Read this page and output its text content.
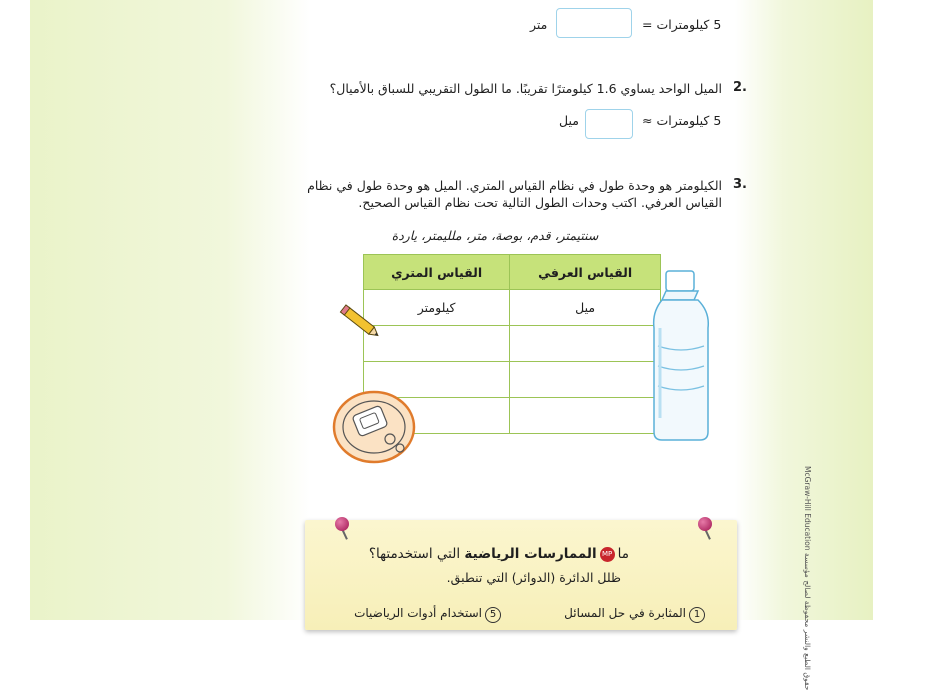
5 كيلومترات =
متر
2.
الميل الواحد يساوي 1.6 كيلومترًا تقريبًا. ما الطول التقريبي للسباق بالأميال؟
5 كيلومترات ≈
ميل
3.
الكيلومتر هو وحدة طول في نظام القياس المتري. الميل هو وحدة طول في نظام
القياس العرفي. اكتب وحدات الطول التالية تحت نظام القياس الصحيح.
سنتيمتر، قدم، بوصة، متر، ملليمتر، ياردة
القياس المتري	القياس العرفي
كيلومتر	ميل

ماMPالممارسات الرياضية التي استخدمتها؟
ظلل الدائرة (الدوائر) التي تنطبق.
1المثابرة في حل المسائل
5استخدام أدوات الرياضيات
McGraw-Hill Education حقوق الطبع والنشر محفوظة لصالح مؤسسة
